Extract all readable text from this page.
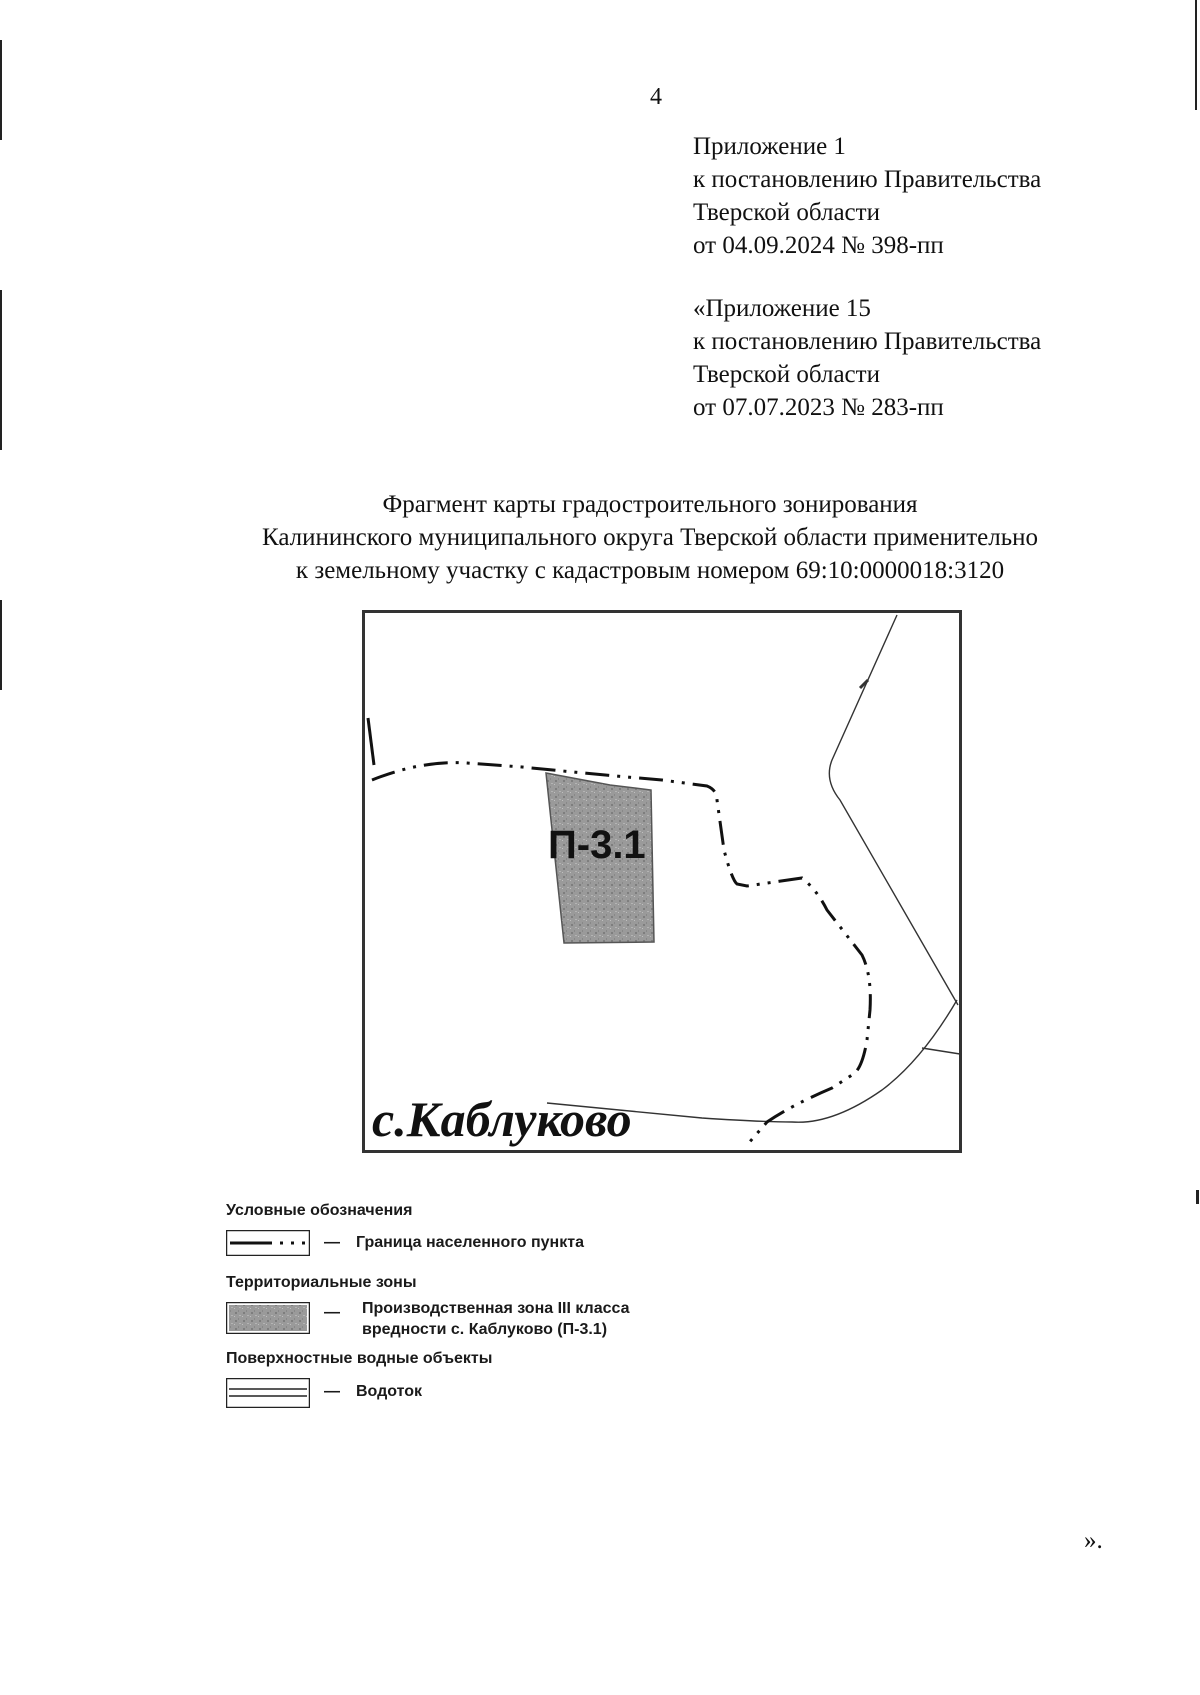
4
Приложение 1
к постановлению Правительства
Тверской области
от 04.09.2024 № 398-пп
«Приложение 15
к постановлению Правительства
Тверской области
от 07.07.2023 № 283-пп
Фрагмент карты градостроительного зонирования
Калининского муниципального округа Тверской области применительно
к земельному участку с кадастровым номером 69:10:0000018:3120
П-3.1
с.Каблуково
Условные обозначения
— Граница населенного пункта
Территориальные зоны
— Производственная зона III класса
вредности с. Каблуково (П-3.1)
Поверхностные водные объекты
— Водоток
».
